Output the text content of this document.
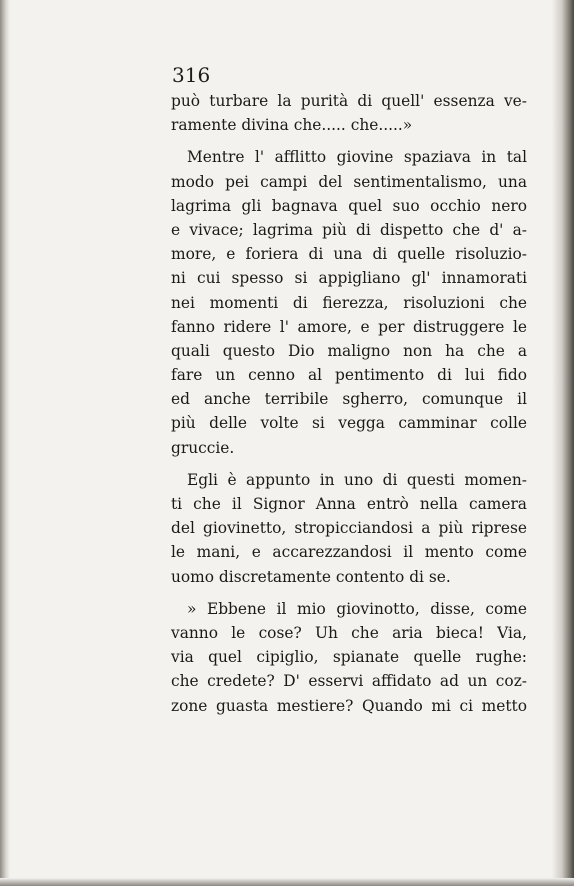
316

può turbare la purità di quell' essenza ve-
ramente divina che..... che.....»
Mentre l' afflitto giovine spaziava in tal
modo pei campi del sentimentalismo, una
lagrima gli bagnava quel suo occhio nero
e vivace; lagrima più di dispetto che d' a-
more, e foriera di una di quelle risoluzio-
ni cui spesso si appigliano gl' innamorati
nei momenti di fierezza, risoluzioni che
fanno ridere l' amore, e per distruggere le
quali questo Dio maligno non ha che a
fare un cenno al pentimento di lui fido
ed anche terribile sgherro, comunque il
più delle volte si vegga camminar colle
gruccie.
Egli è appunto in uno di questi momen-
ti che il Signor Anna entrò nella camera
del giovinetto, stropicciandosi a più riprese
le mani, e accarezzandosi il mento come
uomo discretamente contento di se.
» Ebbene il mio giovinotto, disse, come
vanno le cose? Uh che aria bieca! Via,
via quel cipiglio, spianate quelle rughe:
che credete? D' esservi affidato ad un coz-
zone guasta mestiere? Quando mi ci metto
